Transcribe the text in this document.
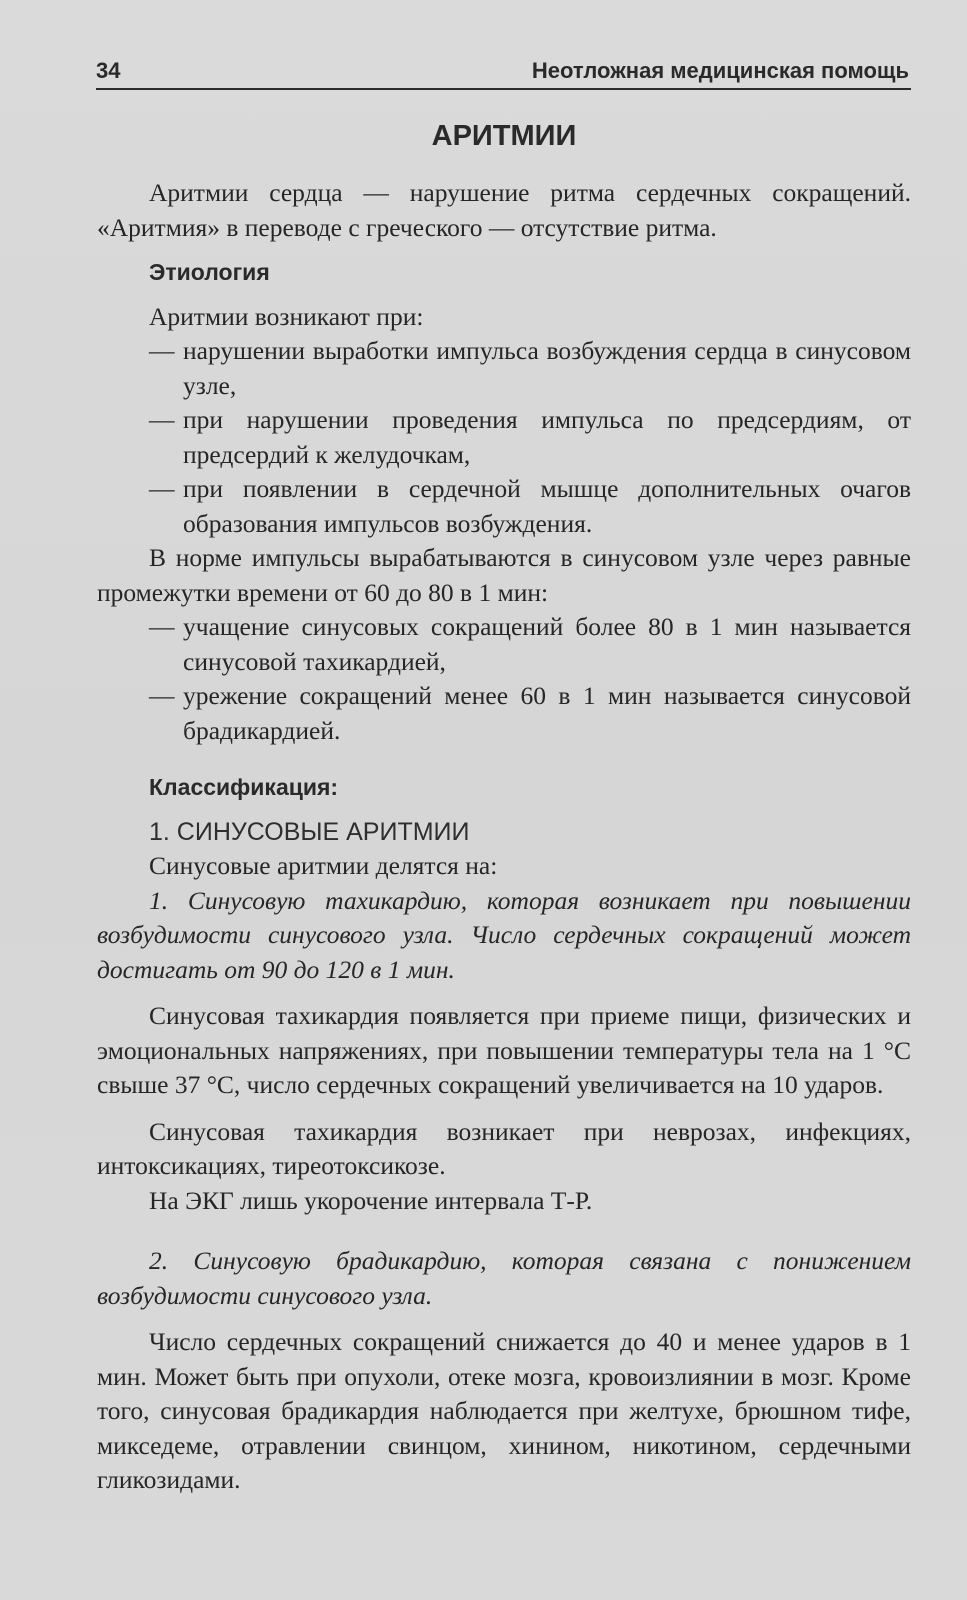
34	Неотложная медицинская помощь
АРИТМИИ

Аритмии сердца — нарушение ритма сердечных сокращений. «Аритмия» в переводе с греческого — отсутствие ритма.

Этиология

Аритмии возникают при:

— нарушении выработки импульса возбуждения сердца в синусовом узле,

— при нарушении проведения импульса по предсердиям, от предсердий к желудочкам,

— при появлении в сердечной мышце дополнительных очагов образования импульсов возбуждения.

В норме импульсы вырабатываются в синусовом узле через равные промежутки времени от 60 до 80 в 1 мин:

— учащение синусовых сокращений более 80 в 1 мин называется синусовой тахикардией,

— урежение сокращений менее 60 в 1 мин называется синусовой брадикардией.

Классификация:
1. СИНУСОВЫЕ АРИТМИИ

Синусовые аритмии делятся на:

1. Синусовую тахикардию, которая возникает при повышении возбудимости синусового узла. Число сердечных сокращений может достигать от 90 до 120 в 1 мин.

Синусовая тахикардия появляется при приеме пищи, физических и эмоциональных напряжениях, при повышении температуры тела на 1 °С свыше 37 °С, число сердечных сокращений увеличивается на 10 ударов.

Синусовая тахикардия возникает при неврозах, инфекциях, интоксикациях, тиреотоксикозе.

На ЭКГ лишь укорочение интервала Т-Р.

2. Синусовую брадикардию, которая связана с понижением возбудимости синусового узла.

Число сердечных сокращений снижается до 40 и менее ударов в 1 мин. Может быть при опухоли, отеке мозга, кровоизлиянии в мозг. Кроме того, синусовая брадикардия наблюдается при желтухе, брюшном тифе, микседеме, отравлении свинцом, хинином, никотином, сердечными гликозидами.
